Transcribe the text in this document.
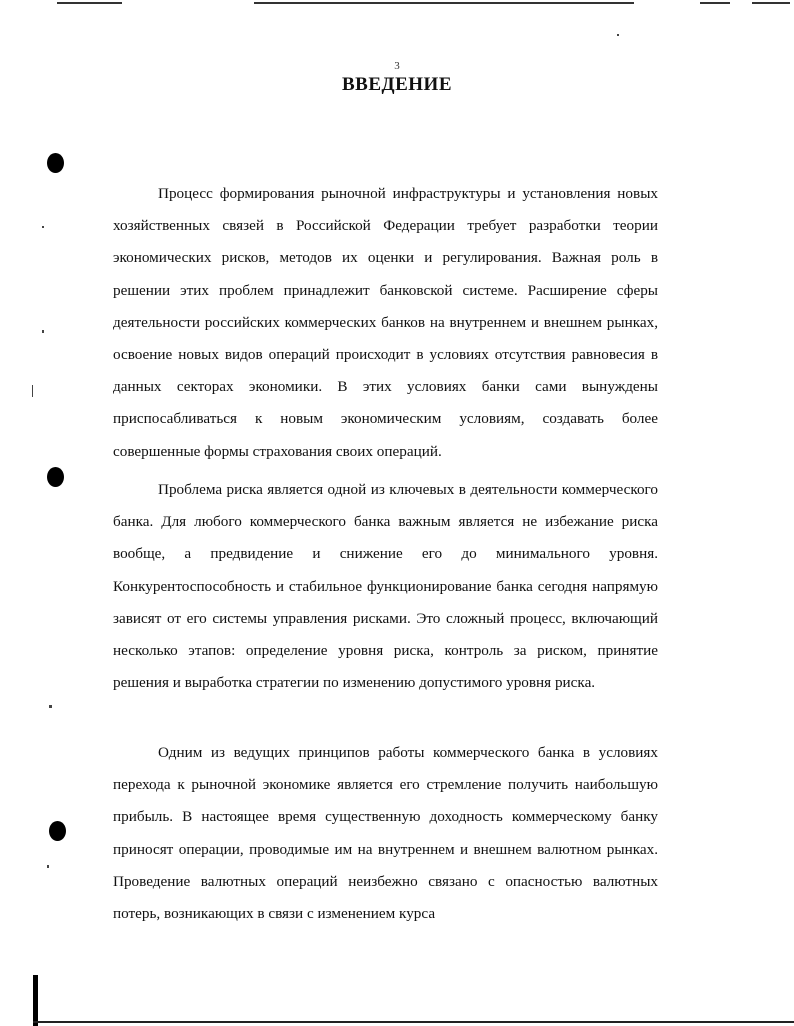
3
ВВЕДЕНИЕ

Процесс формирования рыночной инфраструктуры и установления новых хозяйственных связей в Российской Федерации требует разработки теории экономических рисков, методов их оценки и регулирования. Важная роль в решении этих проблем принадлежит банковской системе. Расширение сферы деятельности российских коммерческих банков на внутреннем и внешнем рынках, освоение новых видов операций происходит в условиях отсутствия равновесия в данных секторах экономики. В этих условиях банки сами вынуждены приспосабливаться к новым экономическим условиям, создавать более совершенные формы страхования своих операций.

Проблема риска является одной из ключевых в деятельности коммерческого банка. Для любого коммерческого банка важным является не избежание риска вообще, а предвидение и снижение его до минимального уровня. Конкурентоспособность и стабильное функционирование банка сегодня напрямую зависят от его системы управления рисками. Это сложный процесс, включающий несколько этапов: определение уровня риска, контроль за риском, принятие решения и выработка стратегии по изменению допустимого уровня риска.

Одним из ведущих принципов работы коммерческого банка в условиях перехода к рыночной экономике является его стремление получить наибольшую прибыль. В настоящее время существенную доходность коммерческому банку приносят операции, проводимые им на внутреннем и внешнем валютном рынках. Проведение валютных операций неизбежно связано с опасностью валютных потерь, возникающих в связи с изменением курса
